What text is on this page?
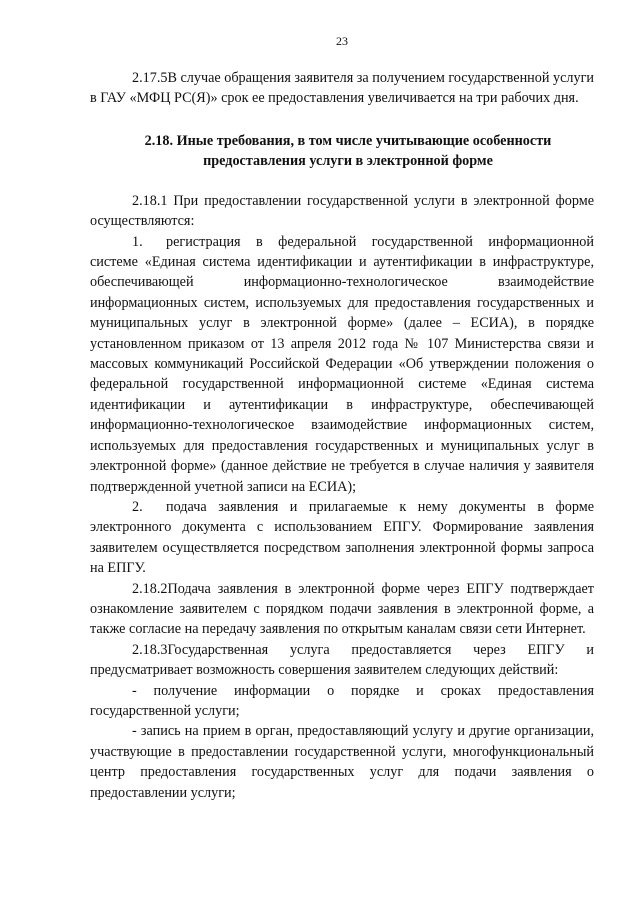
23

2.17.5В случае обращения заявителя за получением государственной услуги в ГАУ «МФЦ РС(Я)» срок ее предоставления увеличивается на три рабочих дня.

2.18. Иные требования, в том числе учитывающие особенности предоставления услуги в электронной форме

2.18.1 При предоставлении государственной услуги в электронной форме осуществляются:

1. регистрация в федеральной государственной информационной системе «Единая система идентификации и аутентификации в инфраструктуре, обеспечивающей информационно-технологическое взаимодействие информационных систем, используемых для предоставления государственных и муниципальных услуг в электронной форме» (далее – ЕСИА), в порядке установленном приказом от 13 апреля 2012 года № 107 Министерства связи и массовых коммуникаций Российской Федерации «Об утверждении положения о федеральной государственной информационной системе «Единая система идентификации и аутентификации в инфраструктуре, обеспечивающей информационно-технологическое взаимодействие информационных систем, используемых для предоставления государственных и муниципальных услуг в электронной форме» (данное действие не требуется в случае наличия у заявителя подтвержденной учетной записи на ЕСИА);

2. подача заявления и прилагаемые к нему документы в форме электронного документа с использованием ЕПГУ. Формирование заявления заявителем осуществляется посредством заполнения электронной формы запроса на ЕПГУ.

2.18.2Подача заявления в электронной форме через ЕПГУ подтверждает ознакомление заявителем с порядком подачи заявления в электронной форме, а также согласие на передачу заявления по открытым каналам связи сети Интернет.

2.18.3Государственная услуга предоставляется через ЕПГУ и предусматривает возможность совершения заявителем следующих действий:

- получение информации о порядке и сроках предоставления государственной услуги;

- запись на прием в орган, предоставляющий услугу и другие организации, участвующие в предоставлении государственной услуги, многофункциональный центр предоставления государственных услуг для подачи заявления о предоставлении услуги;
